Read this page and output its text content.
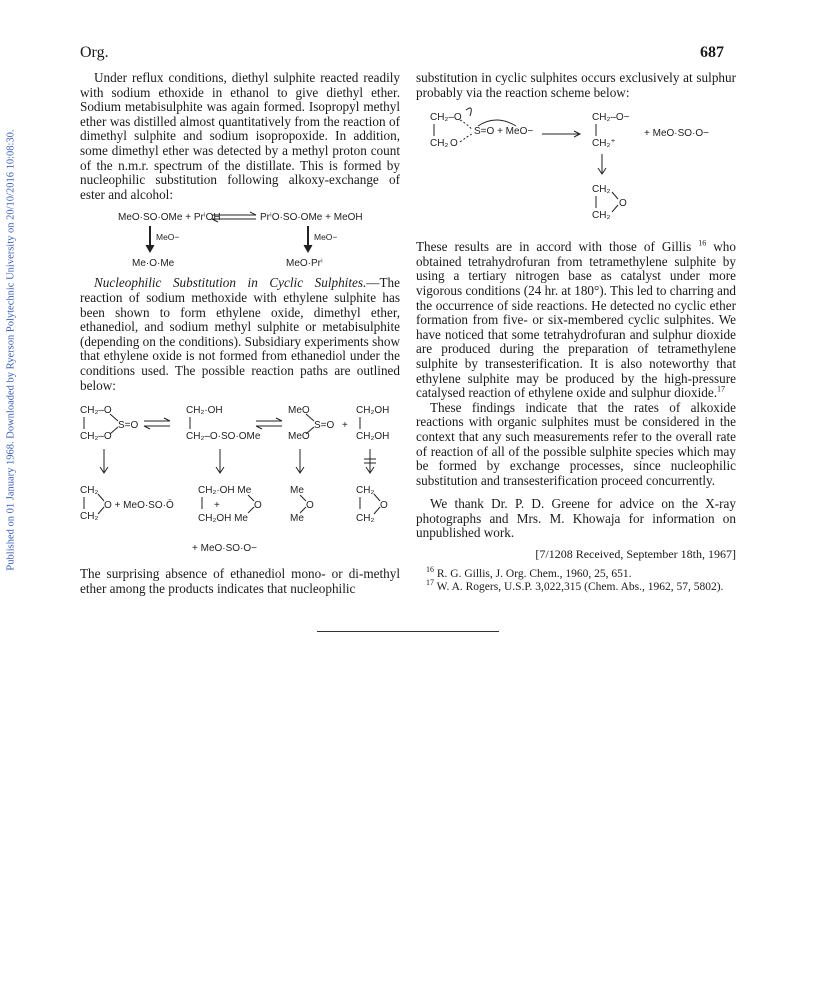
Published on 01 January 1968. Downloaded by Ryerson Polytechnic University on 20/10/2016 10:08:30.
Org.	687

Under reflux conditions, diethyl sulphite reacted readily with sodium ethoxide in ethanol to give diethyl ether. Sodium metabisulphite was again formed. Isopropyl methyl ether was distilled almost quantitatively from the reaction of dimethyl sulphite and sodium isopropoxide. In addition, some dimethyl ether was detected by a methyl proton count of the n.m.r. spectrum of the distillate. This is formed by nucleophilic substitution following alkoxy-exchange of ester and alcohol:

MeO·SO·OMe + PrⁱOH	PrⁱO·SO·OMe + MeOH
MeO−	MeO−
Me·O·Me	MeO·Prⁱ

Nucleophilic Substitution in Cyclic Sulphites.—The reaction of sodium methoxide with ethylene sulphite has been shown to form ethylene oxide, dimethyl ether, ethanediol, and sodium methyl sulphite or metabisulphite (depending on the conditions). Subsidiary experiments show that ethylene oxide is not formed from ethanediol under the conditions used. The possible reaction paths are outlined below:

CH₂–O
CH₂–O
S=O
CH₂·OH
CH₂–O·SO·OMe
MeO
MeO
S=O +
CH₂OH
CH₂OH
CH₂
CH₂
O + MeO·SO·Ō
CH₂·OH Me
+	O
CH₂OH Me
Me
O
Me
CH₂
O
CH₂
+ MeO·SO·O−

The surprising absence of ethanediol mono- or di-methyl ether among the products indicates that nucleophilic

substitution in cyclic sulphites occurs exclusively at sulphur probably via the reaction scheme below:

CH₂–O
CH₂ O
S=O + MeO−
CH₂–O−
CH₂⁺
+ MeO·SO·O−
CH₂
O
CH₂

These results are in accord with those of Gillis $^{16}$ who obtained tetrahydrofuran from tetramethylene sulphite by using a tertiary nitrogen base as catalyst under more vigorous conditions (24 hr. at 180°). This led to charring and the occurrence of side reactions. He detected no cyclic ether formation from five- or six-membered cyclic sulphites. We have noticed that some tetrahydrofuran and sulphur dioxide are produced during the preparation of tetramethylene sulphite by transesterification. It is also noteworthy that ethylene sulphite may be produced by the high-pressure catalysed reaction of ethylene oxide and sulphur dioxide.$^{17}$

These findings indicate that the rates of alkoxide reactions with organic sulphites must be considered in the context that any such measurements refer to the overall rate of reaction of all of the possible sulphite species which may be formed by exchange processes, since nucleophilic substitution and transesterification proceed concurrently.

We thank Dr. P. D. Greene for advice on the X-ray photographs and Mrs. M. Khowaja for information on unpublished work.

[7/1208 Received, September 18th, 1967]

$^{16}$ R. G. Gillis, J. Org. Chem., 1960, 25, 651.

$^{17}$ W. A. Rogers, U.S.P. 3,022,315 (Chem. Abs., 1962, 57, 5802).
